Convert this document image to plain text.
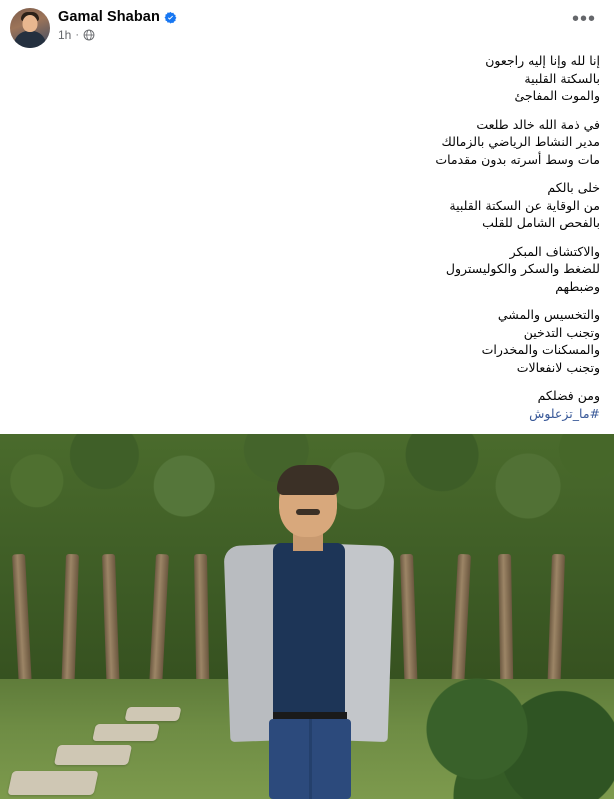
Gamal Shaban
1h ·
•••
إنا لله وإنا إليه راجعون
بالسكتة القلبية
والموت المفاجئ
في ذمة الله خالد طلعت
مدير النشاط الرياضي بالزمالك
مات وسط أسرته بدون مقدمات
خلى بالكم
من الوقاية عن السكتة القلبية
بالفحص الشامل للقلب
والاكتشاف المبكر
للضغط والسكر والكوليسترول
وضبطهم
والتخسيس والمشي
وتجنب التدخين
والمسكنات والمخدرات
وتجنب لانفعالات
ومن فضلكم
#ما_تزعلوش
